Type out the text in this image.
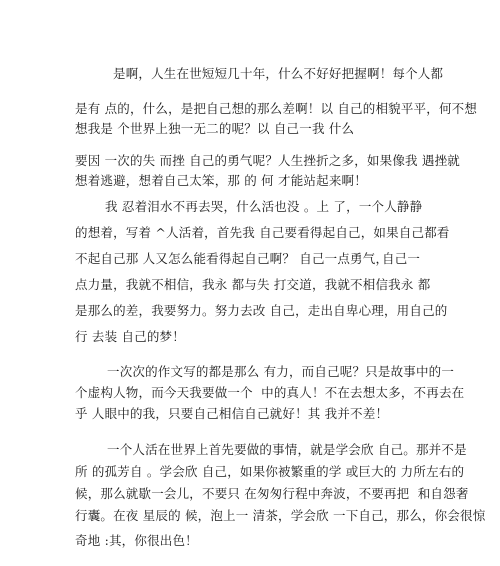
是啊，人生在世短短几十年，什么不好好把握啊！每个人都
是有 点的，什么，是把自己想的那么差啊！以 自己的相貌平平，何不想
想我是 个世界上独一无二的呢？以 自己一我 什么
要因 一次的失 而挫 自己的勇气呢？人生挫折之多，如果像我 遇挫就
想着逃避，想着自己太笨，那 的 何 才能站起来啊！
我 忍着泪水不再去哭，什么活也没 。上 了，一个人静静
的想着，写着 ^人活着，首先我 自己要看得起自己，如果自己都看
不起自己那 人又怎么能看得起自己啊？ 自己一点勇气，
自己一
点力量，我就不相信，我永 都与失 打交道，我就不相信我永 都
是那么的差，我要努力。努力去改 自己，走出自卑心理，用自己的
行 去装 自己的梦！
一次次的作文写的都是那么 有力，而自己呢？只是故事中的一
个虚构人物，而今天我要做一个  中的真人！不在去想太多，不再去在
乎 人眼中的我，只要自己相信自己就好！其 我并不差！
一个人活在世界上首先要做的事情，就是学会欣 自己。那并不是
所 的孤芳自 。学会欣 自己，如果你被繁重的学 或巨大的 力所左右的
候，那么就歇一会儿，不要只 在匆匆行程中奔波，不要再把  和自怨奢
行囊。在夜 星辰的 候，泡上一 清茶，学会欣 一下自己，那么，你会很惊
奇地 :其，你很出色！
